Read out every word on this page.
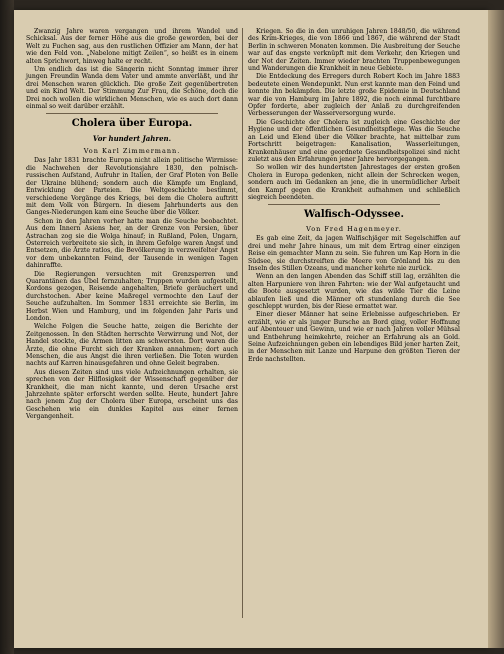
Zwanzig Jahre waren vergangen und ihrem Wandel und Schicksal. Aus der ferner Höhe aus die große geworden, bei der Welt zu Fuchen sag, aus den rustlichen Offizier am Mann, der hat wie den Feld von. „Nabelone mitigt Zeilen“, so heißt es in einem alten Sprichwort, hinweg halte er recht.

Um endlich das ist die Sängerin nicht Sonntag immer ihrer jungen Freundin Wanda dem Vater und ammte anverläßt, und ihr drei Menschen waren glücklich. Die große Zeit gegenübertreten und ein Kind Welt. Der Stimmung Zur Frau, die Schöne, doch die Drei noch wollen die wirklichen Menschen, wie es auch dort dann einmal so weit darüber erzählt.

Cholera über Europa.
Vor hundert Jahren.
Von Karl Zimmermann.

Das Jahr 1831 brachte Europa nicht allein politische Wirrnisse: die Nachwehen der Revolutionsjahre 1830, den polnisch-russischen Aufstand, Aufruhr in Italien, der Graf Ploten von Belle der Ukraine blühend; sondern auch die Kämpfe um England, Entwicklung der Parteien. Die Weltgeschichte bestimmt, verschiedene Vorgänge des Kriegs, bei dem die Cholera auftritt mit dem Volk von Bürgern. In diesem Jahrhunderts aus den Ganges-Niederungen kam eine Seuche über die Völker.

Schon in den Jahren vorher hatte man die Seuche beobachtet. Aus dem Innern Asiens her, an der Grenze von Persien, über Astrachan zog sie die Wolga hinauf; in Rußland, Polen, Ungarn, Österreich verbreitete sie sich, in ihrem Gefolge waren Angst und Entsetzen, die Ärzte ratlos, die Bevölkerung in verzweifelter Angst vor dem unbekannten Feind, der Tausende in wenigen Tagen dahinraffte.

Die Regierungen versuchten mit Grenzsperren und Quarantänen das Übel fernzuhalten; Truppen wurden aufgestellt, Kordons gezogen, Reisende angehalten, Briefe geräuchert und durchstochen. Aber keine Maßregel vermochte den Lauf der Seuche aufzuhalten. Im Sommer 1831 erreichte sie Berlin, im Herbst Wien und Hamburg, und im folgenden Jahr Paris und London.

Welche Folgen die Seuche hatte, zeigen die Berichte der Zeitgenossen. In den Städten herrschte Verwirrung und Not, der Handel stockte, die Armen litten am schwersten. Dort waren die Ärzte, die ohne Furcht sich der Kranken annahmen; dort auch Menschen, die aus Angst die ihren verließen. Die Toten wurden nachts auf Karren hinausgefahren und ohne Geleit begraben.

Aus diesen Zeiten sind uns viele Aufzeichnungen erhalten, sie sprechen von der Hilflosigkeit der Wissenschaft gegenüber der Krankheit, die man nicht kannte, und deren Ursache erst Jahrzehnte später erforscht werden sollte. Heute, hundert Jahre nach jenem Zug der Cholera über Europa, erscheint uns das Geschehen wie ein dunkles Kapitel aus einer fernen Vergangenheit.

Kriegen. So die in den unruhigen Jahren 1848/50, die während des Krim-Krieges, die von 1866 und 1867, die während der Stadt Berlin in schweren Monaten kommen. Die Ausbreitung der Seuche war auf das engste verknüpft mit dem Verkehr, den Kriegen und der Not der Zeiten. Immer wieder brachten Truppenbewegungen und Wanderungen die Krankheit in neue Gebiete.

Die Entdeckung des Erregers durch Robert Koch im Jahre 1883 bedeutete einen Wendepunkt. Nun erst kannte man den Feind und konnte ihn bekämpfen. Die letzte große Epidemie in Deutschland war die von Hamburg im Jahre 1892, die noch einmal furchtbare Opfer forderte, aber zugleich der Anlaß zu durchgreifenden Verbesserungen der Wasserversorgung wurde.

Die Geschichte der Cholera ist zugleich eine Geschichte der Hygiene und der öffentlichen Gesundheitspflege. Was die Seuche an Leid und Elend über die Völker brachte, hat mittelbar zum Fortschritt beigetragen: Kanalisation, Wasserleitungen, Krankenhäuser und eine geordnete Gesundheitspolizei sind nicht zuletzt aus den Erfahrungen jener Jahre hervorgegangen.

So wollen wir des hundertsten Jahrestages der ersten großen Cholera in Europa gedenken, nicht allein der Schrecken wegen, sondern auch im Gedanken an jene, die in unermüdlicher Arbeit den Kampf gegen die Krankheit aufnahmen und schließlich siegreich beendeten.

Walfisch-Odyssee.
Von Fred Hagenmeyer.

Es gab eine Zeit, da jagen Walfischjäger mit Segelschiffen auf drei und mehr Jahre hinaus, um mit dem Ertrag einer einzigen Reise ein gemachter Mann zu sein. Sie fuhren um Kap Horn in die Südsee, sie durchstreiften die Meere von Grönland bis zu den Inseln des Stillen Ozeans, und mancher kehrte nie zurück.

Wenn an den langen Abenden das Schiff still lag, erzählten die alten Harpuniere von ihren Fahrten: wie der Wal aufgetaucht und die Boote ausgesetzt wurden, wie das wilde Tier die Leine ablaufen ließ und die Männer oft stundenlang durch die See geschleppt wurden, bis der Riese ermattet war.

Einer dieser Männer hat seine Erlebnisse aufgeschrieben. Er erzählt, wie er als junger Bursche an Bord ging, voller Hoffnung auf Abenteuer und Gewinn, und wie er nach Jahren voller Mühsal und Entbehrung heimkehrte, reicher an Erfahrung als an Gold. Seine Aufzeichnungen geben ein lebendiges Bild jener harten Zeit, in der Menschen mit Lanze und Harpune den größten Tieren der Erde nachstellten.
